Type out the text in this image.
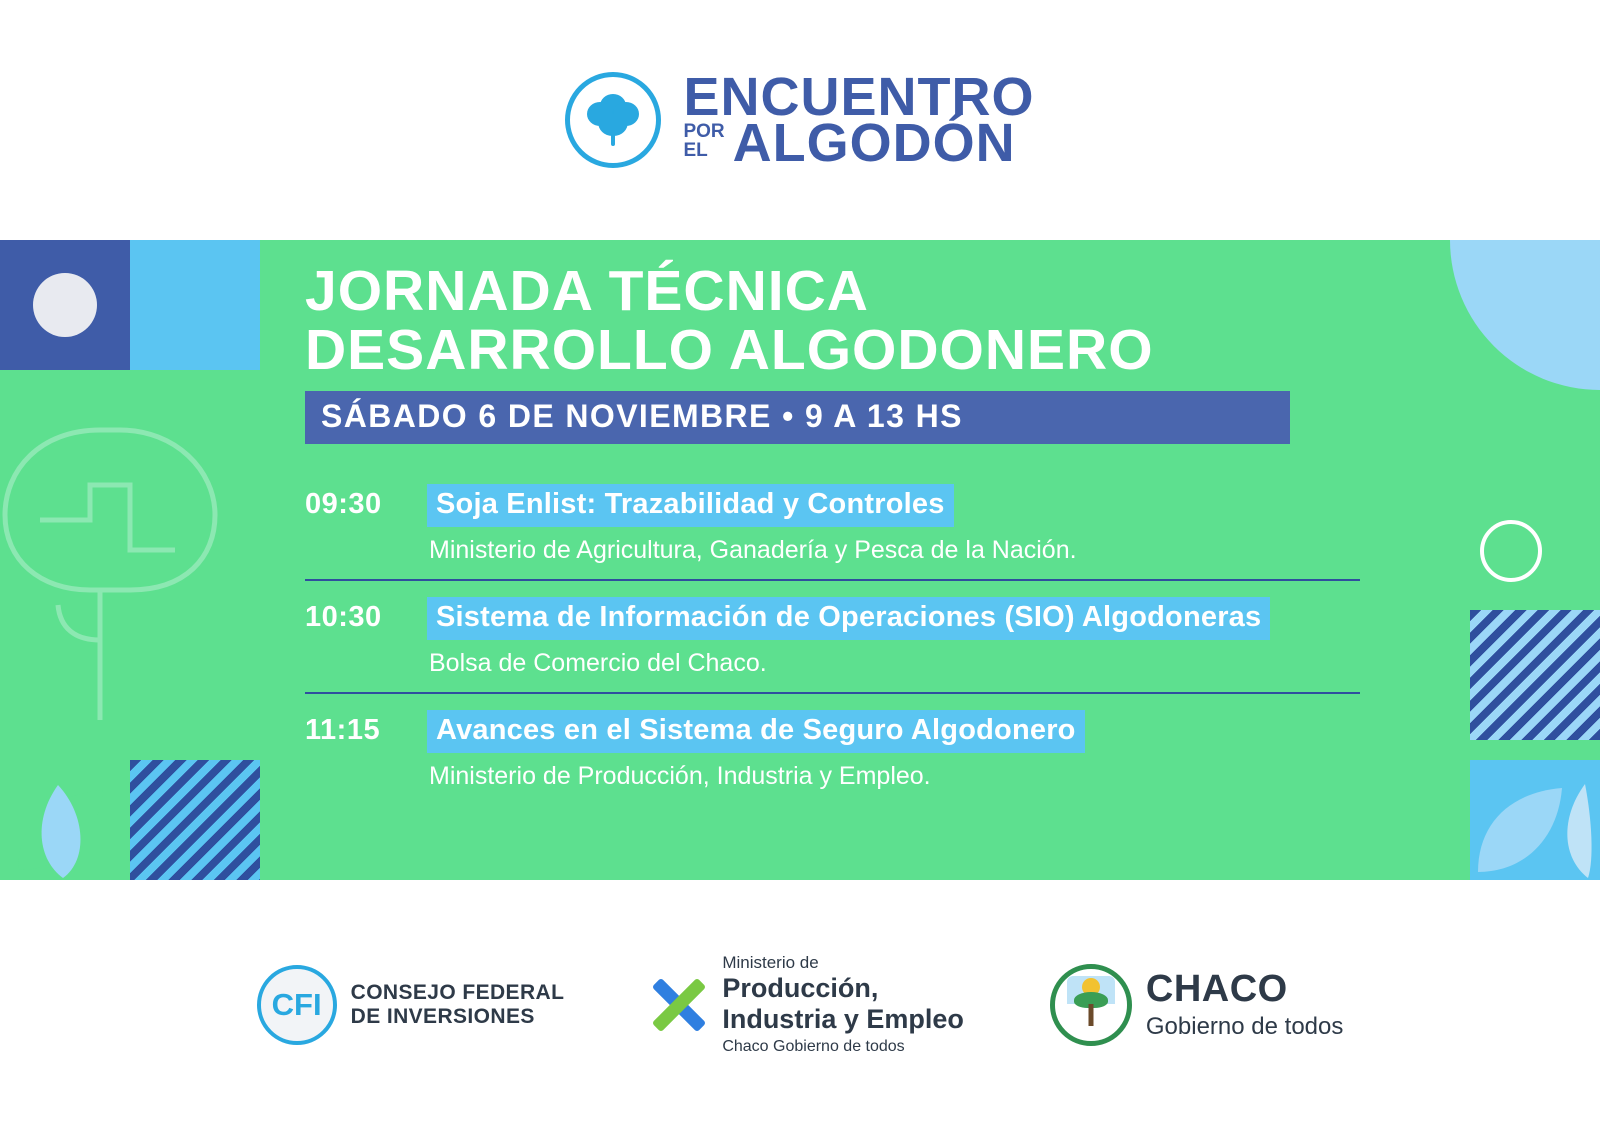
ENCUENTRO
POR
EL ALGODÓN
JORNADA TÉCNICA
DESARROLLO ALGODONERO
SÁBADO 6 DE NOVIEMBRE • 9 A 13 HS
09:30	Soja Enlist: Trazabilidad y Controles
Ministerio de Agricultura, Ganadería y Pesca de la Nación.
10:30	Sistema de Información de Operaciones (SIO) Algodoneras
Bolsa de Comercio del Chaco.
11:15	Avances en el Sistema de Seguro Algodonero
Ministerio de Producción, Industria y Empleo.
CFI CONSEJO FEDERAL
DE INVERSIONES
Ministerio de
Producción,
Industria y Empleo
Chaco Gobierno de todos
CHACO
Gobierno de todos
